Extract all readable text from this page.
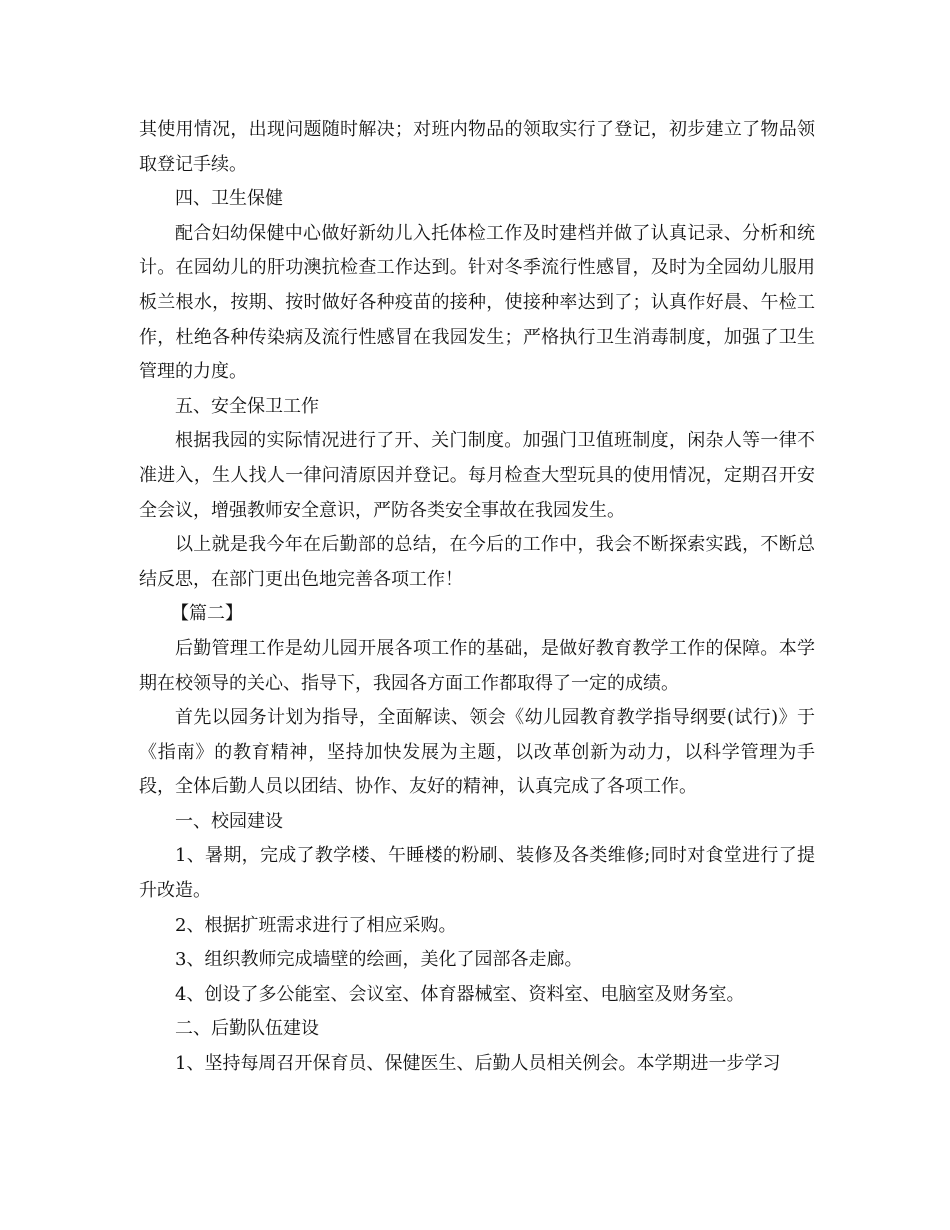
其使用情况，出现问题随时解决；对班内物品的领取实行了登记，初步建立了物品领取登记手续。

四、卫生保健

配合妇幼保健中心做好新幼儿入托体检工作及时建档并做了认真记录、分析和统计。在园幼儿的肝功澳抗检查工作达到。针对冬季流行性感冒，及时为全园幼儿服用板兰根水，按期、按时做好各种疫苗的接种，使接种率达到了；认真作好晨、午检工作，杜绝各种传染病及流行性感冒在我园发生；严格执行卫生消毒制度，加强了卫生管理的力度。

五、安全保卫工作

根据我园的实际情况进行了开、关门制度。加强门卫值班制度，闲杂人等一律不准进入，生人找人一律问清原因并登记。每月检查大型玩具的使用情况，定期召开安全会议，增强教师安全意识，严防各类安全事故在我园发生。

以上就是我今年在后勤部的总结，在今后的工作中，我会不断探索实践，不断总结反思，在部门更出色地完善各项工作！

【篇二】

后勤管理工作是幼儿园开展各项工作的基础，是做好教育教学工作的保障。本学期在校领导的关心、指导下，我园各方面工作都取得了一定的成绩。

首先以园务计划为指导，全面解读、领会《幼儿园教育教学指导纲要(试行)》于《指南》的教育精神，坚持加快发展为主题，以改革创新为动力，以科学管理为手段，全体后勤人员以团结、协作、友好的精神，认真完成了各项工作。

一、校园建设

1、暑期，完成了教学楼、午睡楼的粉刷、装修及各类维修;同时对食堂进行了提升改造。

2、根据扩班需求进行了相应采购。

3、组织教师完成墙壁的绘画，美化了园部各走廊。

4、创设了多公能室、会议室、体育器械室、资料室、电脑室及财务室。

二、后勤队伍建设

1、坚持每周召开保育员、保健医生、后勤人员相关例会。本学期进一步学习
